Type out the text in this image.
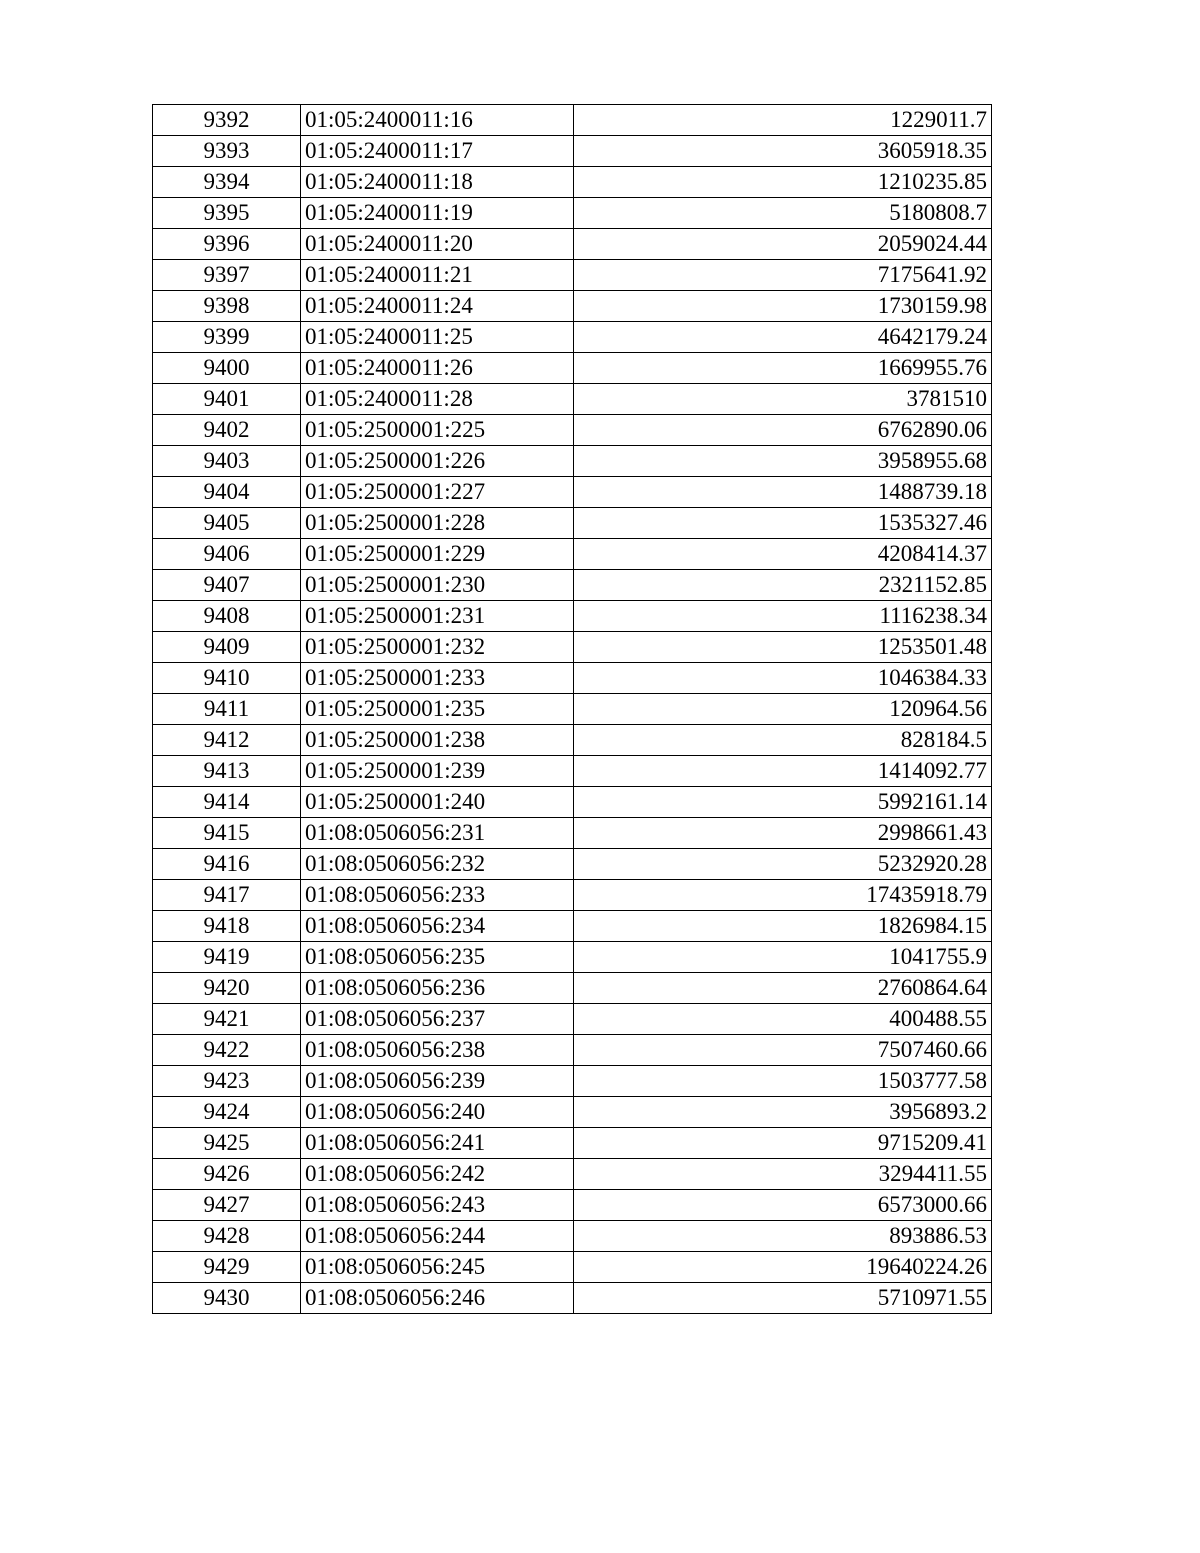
9392	01:05:2400011:16	1229011.7
9393	01:05:2400011:17	3605918.35
9394	01:05:2400011:18	1210235.85
9395	01:05:2400011:19	5180808.7
9396	01:05:2400011:20	2059024.44
9397	01:05:2400011:21	7175641.92
9398	01:05:2400011:24	1730159.98
9399	01:05:2400011:25	4642179.24
9400	01:05:2400011:26	1669955.76
9401	01:05:2400011:28	3781510
9402	01:05:2500001:225	6762890.06
9403	01:05:2500001:226	3958955.68
9404	01:05:2500001:227	1488739.18
9405	01:05:2500001:228	1535327.46
9406	01:05:2500001:229	4208414.37
9407	01:05:2500001:230	2321152.85
9408	01:05:2500001:231	1116238.34
9409	01:05:2500001:232	1253501.48
9410	01:05:2500001:233	1046384.33
9411	01:05:2500001:235	120964.56
9412	01:05:2500001:238	828184.5
9413	01:05:2500001:239	1414092.77
9414	01:05:2500001:240	5992161.14
9415	01:08:0506056:231	2998661.43
9416	01:08:0506056:232	5232920.28
9417	01:08:0506056:233	17435918.79
9418	01:08:0506056:234	1826984.15
9419	01:08:0506056:235	1041755.9
9420	01:08:0506056:236	2760864.64
9421	01:08:0506056:237	400488.55
9422	01:08:0506056:238	7507460.66
9423	01:08:0506056:239	1503777.58
9424	01:08:0506056:240	3956893.2
9425	01:08:0506056:241	9715209.41
9426	01:08:0506056:242	3294411.55
9427	01:08:0506056:243	6573000.66
9428	01:08:0506056:244	893886.53
9429	01:08:0506056:245	19640224.26
9430	01:08:0506056:246	5710971.55
